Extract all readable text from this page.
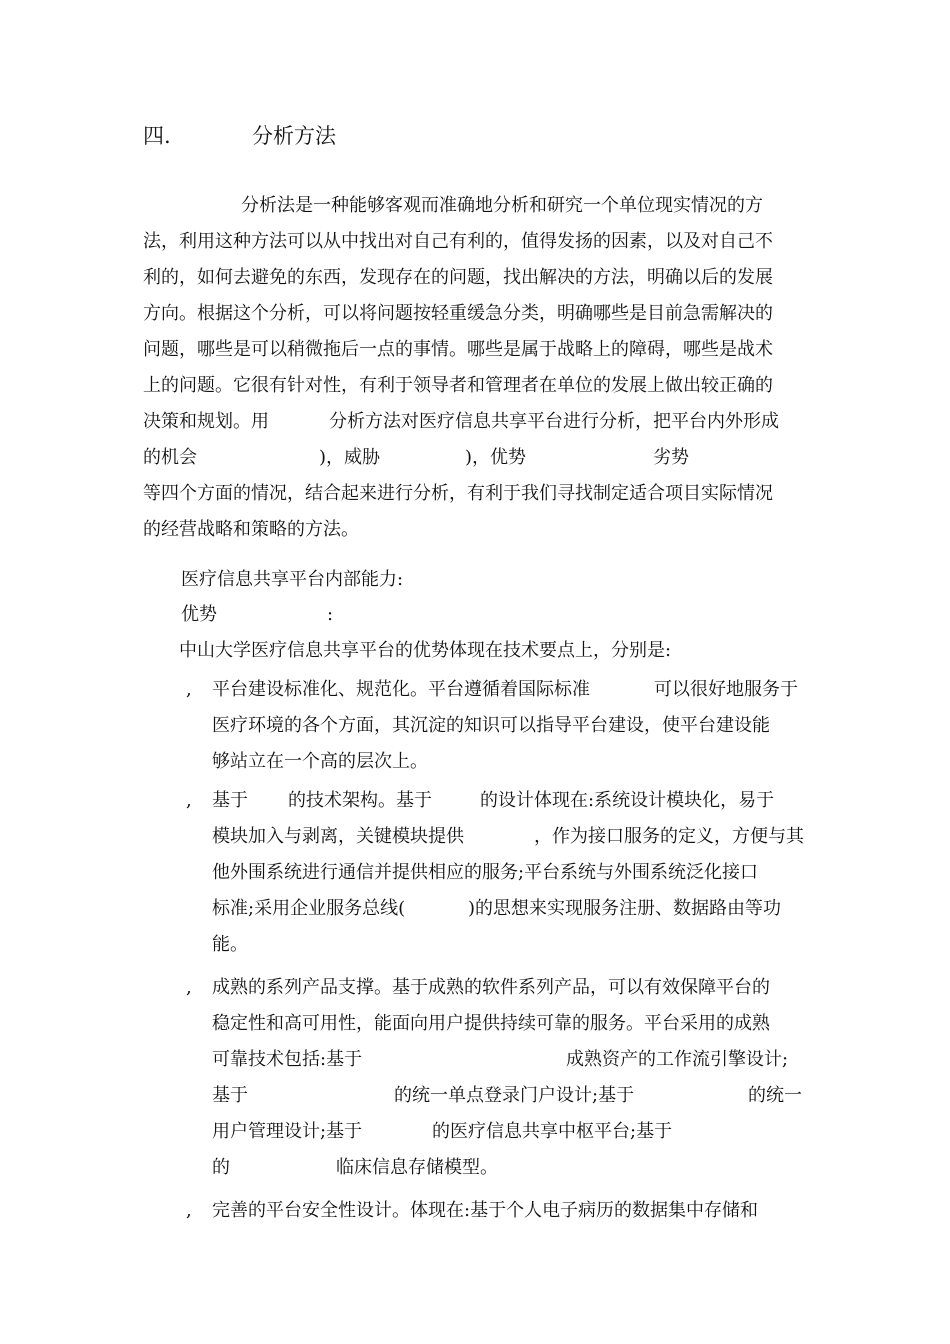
四.	分析方法
分析法是一种能够客观而准确地分析和研究一个单位现实情况的方
法，利用这种方法可以从中找出对自己有利的，值得发扬的因素，以及对自己不
利的，如何去避免的东西，发现存在的问题，找出解决的方法，明确以后的发展
方向。根据这个分析，可以将问题按轻重缓急分类，明确哪些是目前急需解决的
问题，哪些是可以稍微拖后一点的事情。哪些是属于战略上的障碍，哪些是战术
上的问题。它很有针对性，有利于领导者和管理者在单位的发展上做出较正确的

决策和规划。用

	分析方法对医疗信息共享平台进行分析，把平台内外形成

的机会

	)，威胁

	)，优势

	劣势

等四个方面的情况，结合起来进行分析，有利于我们寻找制定适合项目实际情况
的经营战略和策略的方法。
医疗信息共享平台内部能力:

优势

	:

中山大学医疗信息共享平台的优势体现在技术要点上，分别是:
,

平台建设标准化、规范化。平台遵循着国际标准

	可以很好地服务于

医疗环境的各个方面，其沉淀的知识可以指导平台建设，使平台建设能
够站立在一个高的层次上。
,

基于

的技术架构。基于

	的设计体现在:系统设计模块化，易于

模块加入与剥离，关键模块提供

	，作为接口服务的定义，方便与其

他外围系统进行通信并提供相应的服务;平台系统与外围系统泛化接口

标准;采用企业服务总线(

	)的思想来实现服务注册、数据路由等功

能。
, 成熟的系列产品支撑。基于成熟的软件系列产品，可以有效保障平台的
稳定性和高可用性，能面向用户提供持续可靠的服务。平台采用的成熟

可靠技术包括:基于

	成熟资产的工作流引擎设计;

基于

	的统一单点登录门户设计;基于

	的统一

用户管理设计;基于

	的医疗信息共享中枢平台;基于

的

	临床信息存储模型。

, 完善的平台安全性设计。体现在:基于个人电子病历的数据集中存储和
